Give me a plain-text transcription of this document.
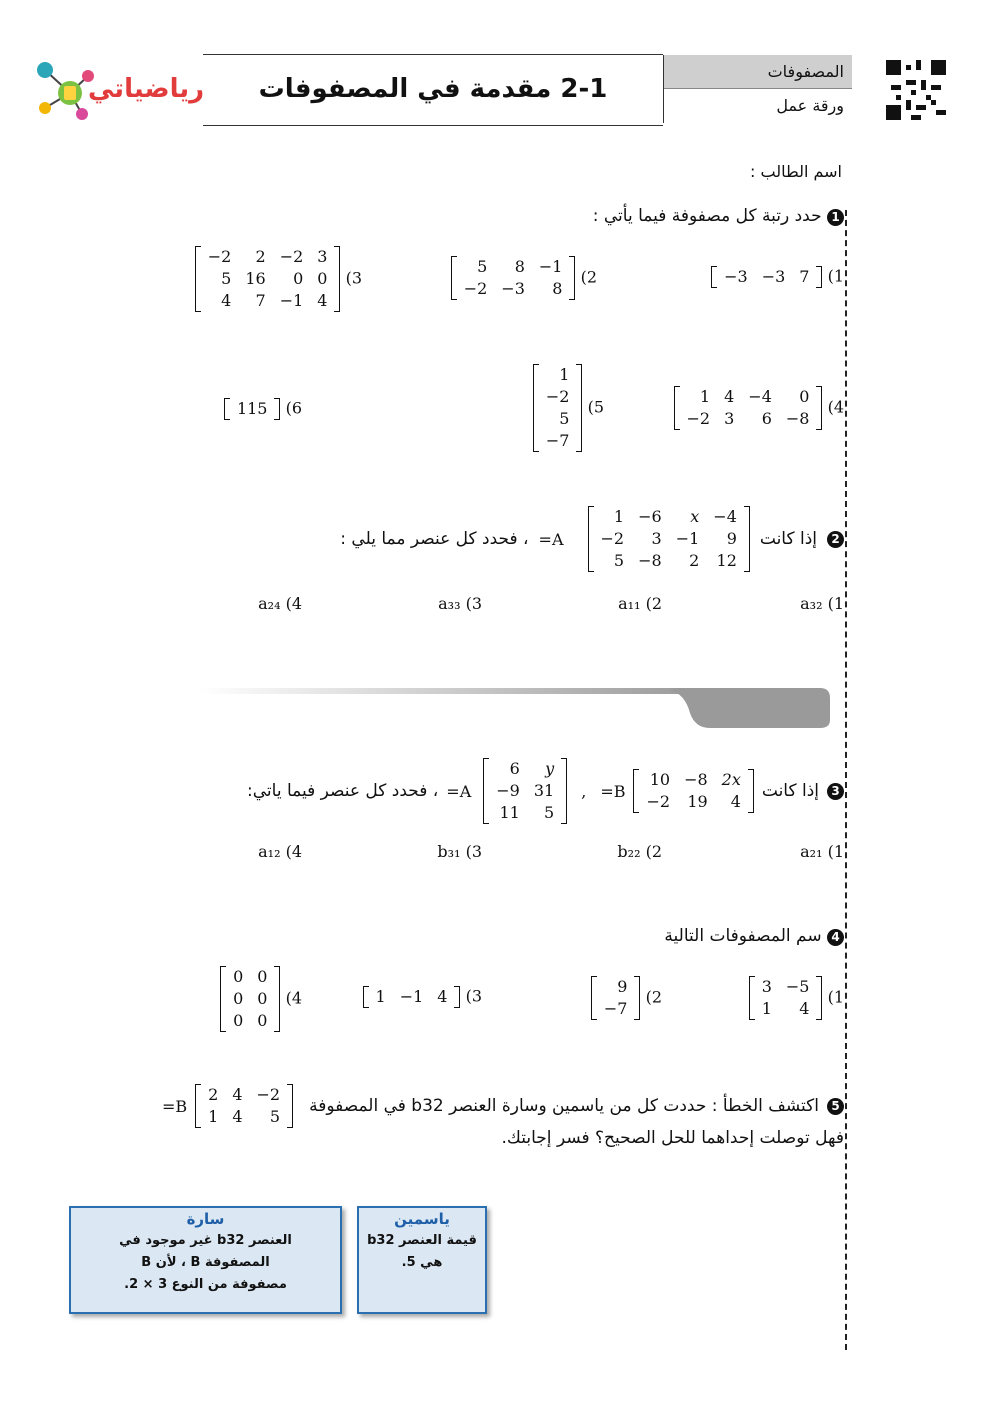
2-1 مقدمة في المصفوفات
المصفوفات
ورقة عمل
رياضياتي
اسم الطالب :
1 حدد رتبة كل مصفوفة فيما يأتي :
−3	−3	7 (1
5	8	−1
−2	−3	8
(2
−2	2	−2	3
5	16	0	0
4	7	−1	4
(3
1	4	−4	0
−2	3	6	−8
(4
1
−2
5
−7
(5
115 (6
2
إذا كانت
1	−6	x	−4
−2	3	−1	9
5	−8	2	12
A=
، فحدد كل عنصر مما يلي :
a₃₂ (1
a₁₁ (2
a₃₃ (3
a₂₄ (4
3
إذا كانت
10	−8	2x
−2	19	4
B=
,
6	y
−9	31
11	5
A=
، فحدد كل عنصر فيما ياتي:
a₂₁ (1
b₂₂ (2
b₃₁ (3
a₁₂ (4
4 سم المصفوفات التالية
3	−5
1	4
(1
9
−7
(2
1	−1	4 (3
0	0
0	0
0	0
(4
5
اكتشف الخطأ : حددت كل من ياسمين وسارة العنصر b32 في المصفوفة
2	4	−2
1	4	5
B=
فهل توصلت إحداهما للحل الصحيح؟ فسر إجابتك.
ياسمين
قيمة العنصر b32
هي 5.
سارة
العنصر b32 غير موجود في
المصفوفة B ، لأن B
مصفوفة من النوع 3 × 2.
